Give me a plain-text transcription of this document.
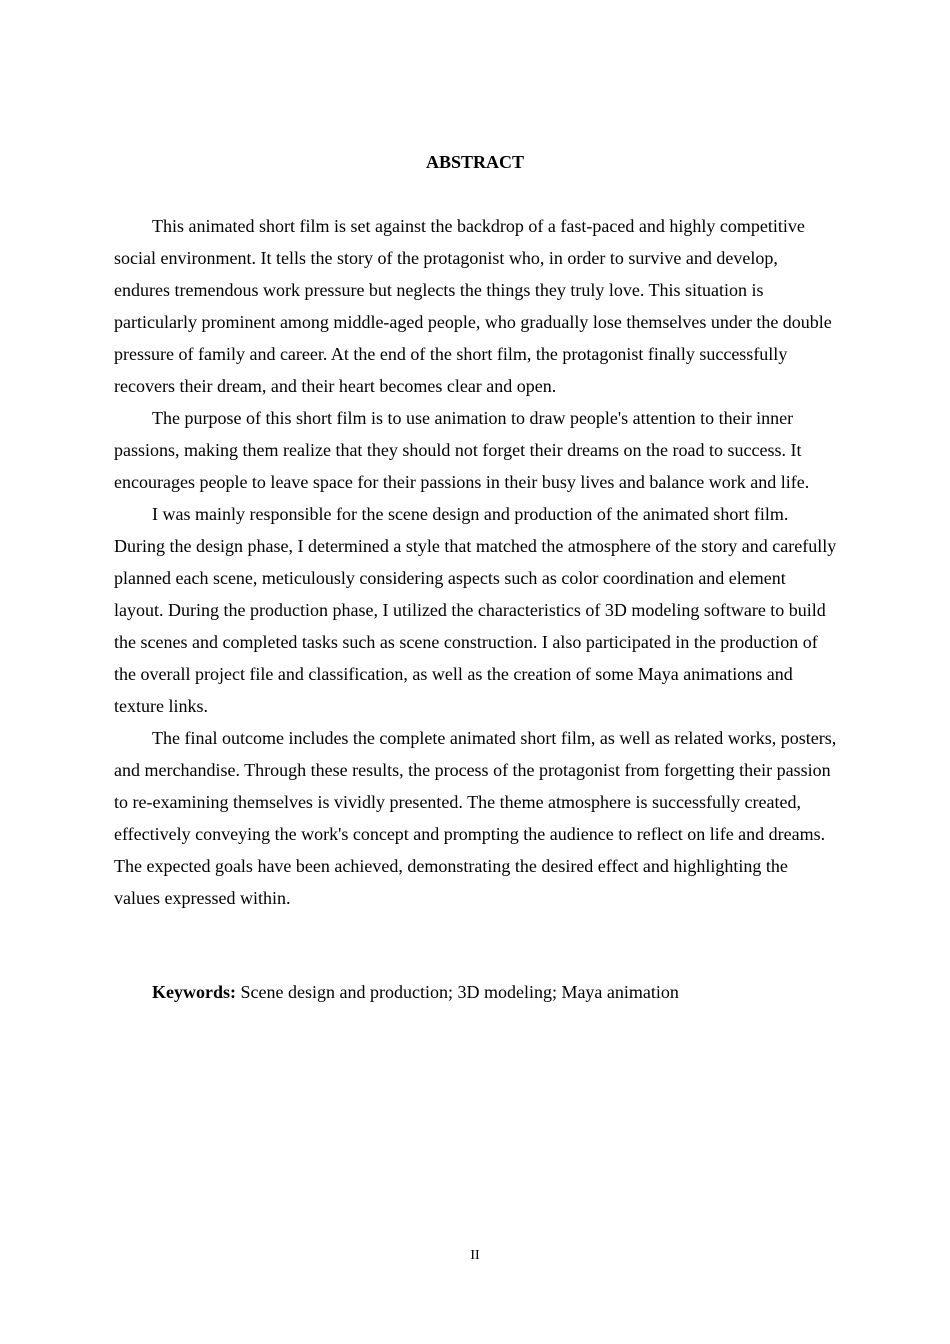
ABSTRACT

This animated short film is set against the backdrop of a fast-paced and highly competitive social environment. It tells the story of the protagonist who, in order to survive and develop, endures tremendous work pressure but neglects the things they truly love. This situation is particularly prominent among middle-aged people, who gradually lose themselves under the double pressure of family and career. At the end of the short film, the protagonist finally successfully recovers their dream, and their heart becomes clear and open.

The purpose of this short film is to use animation to draw people's attention to their inner passions, making them realize that they should not forget their dreams on the road to success. It encourages people to leave space for their passions in their busy lives and balance work and life.

I was mainly responsible for the scene design and production of the animated short film. During the design phase, I determined a style that matched the atmosphere of the story and carefully planned each scene, meticulously considering aspects such as color coordination and element layout. During the production phase, I utilized the characteristics of 3D modeling software to build the scenes and completed tasks such as scene construction. I also participated in the production of the overall project file and classification, as well as the creation of some Maya animations and texture links.

The final outcome includes the complete animated short film, as well as related works, posters, and merchandise. Through these results, the process of the protagonist from forgetting their passion to re-examining themselves is vividly presented. The theme atmosphere is successfully created, effectively conveying the work's concept and prompting the audience to reflect on life and dreams. The expected goals have been achieved, demonstrating the desired effect and highlighting the values expressed within.

Keywords: Scene design and production; 3D modeling; Maya animation

II
